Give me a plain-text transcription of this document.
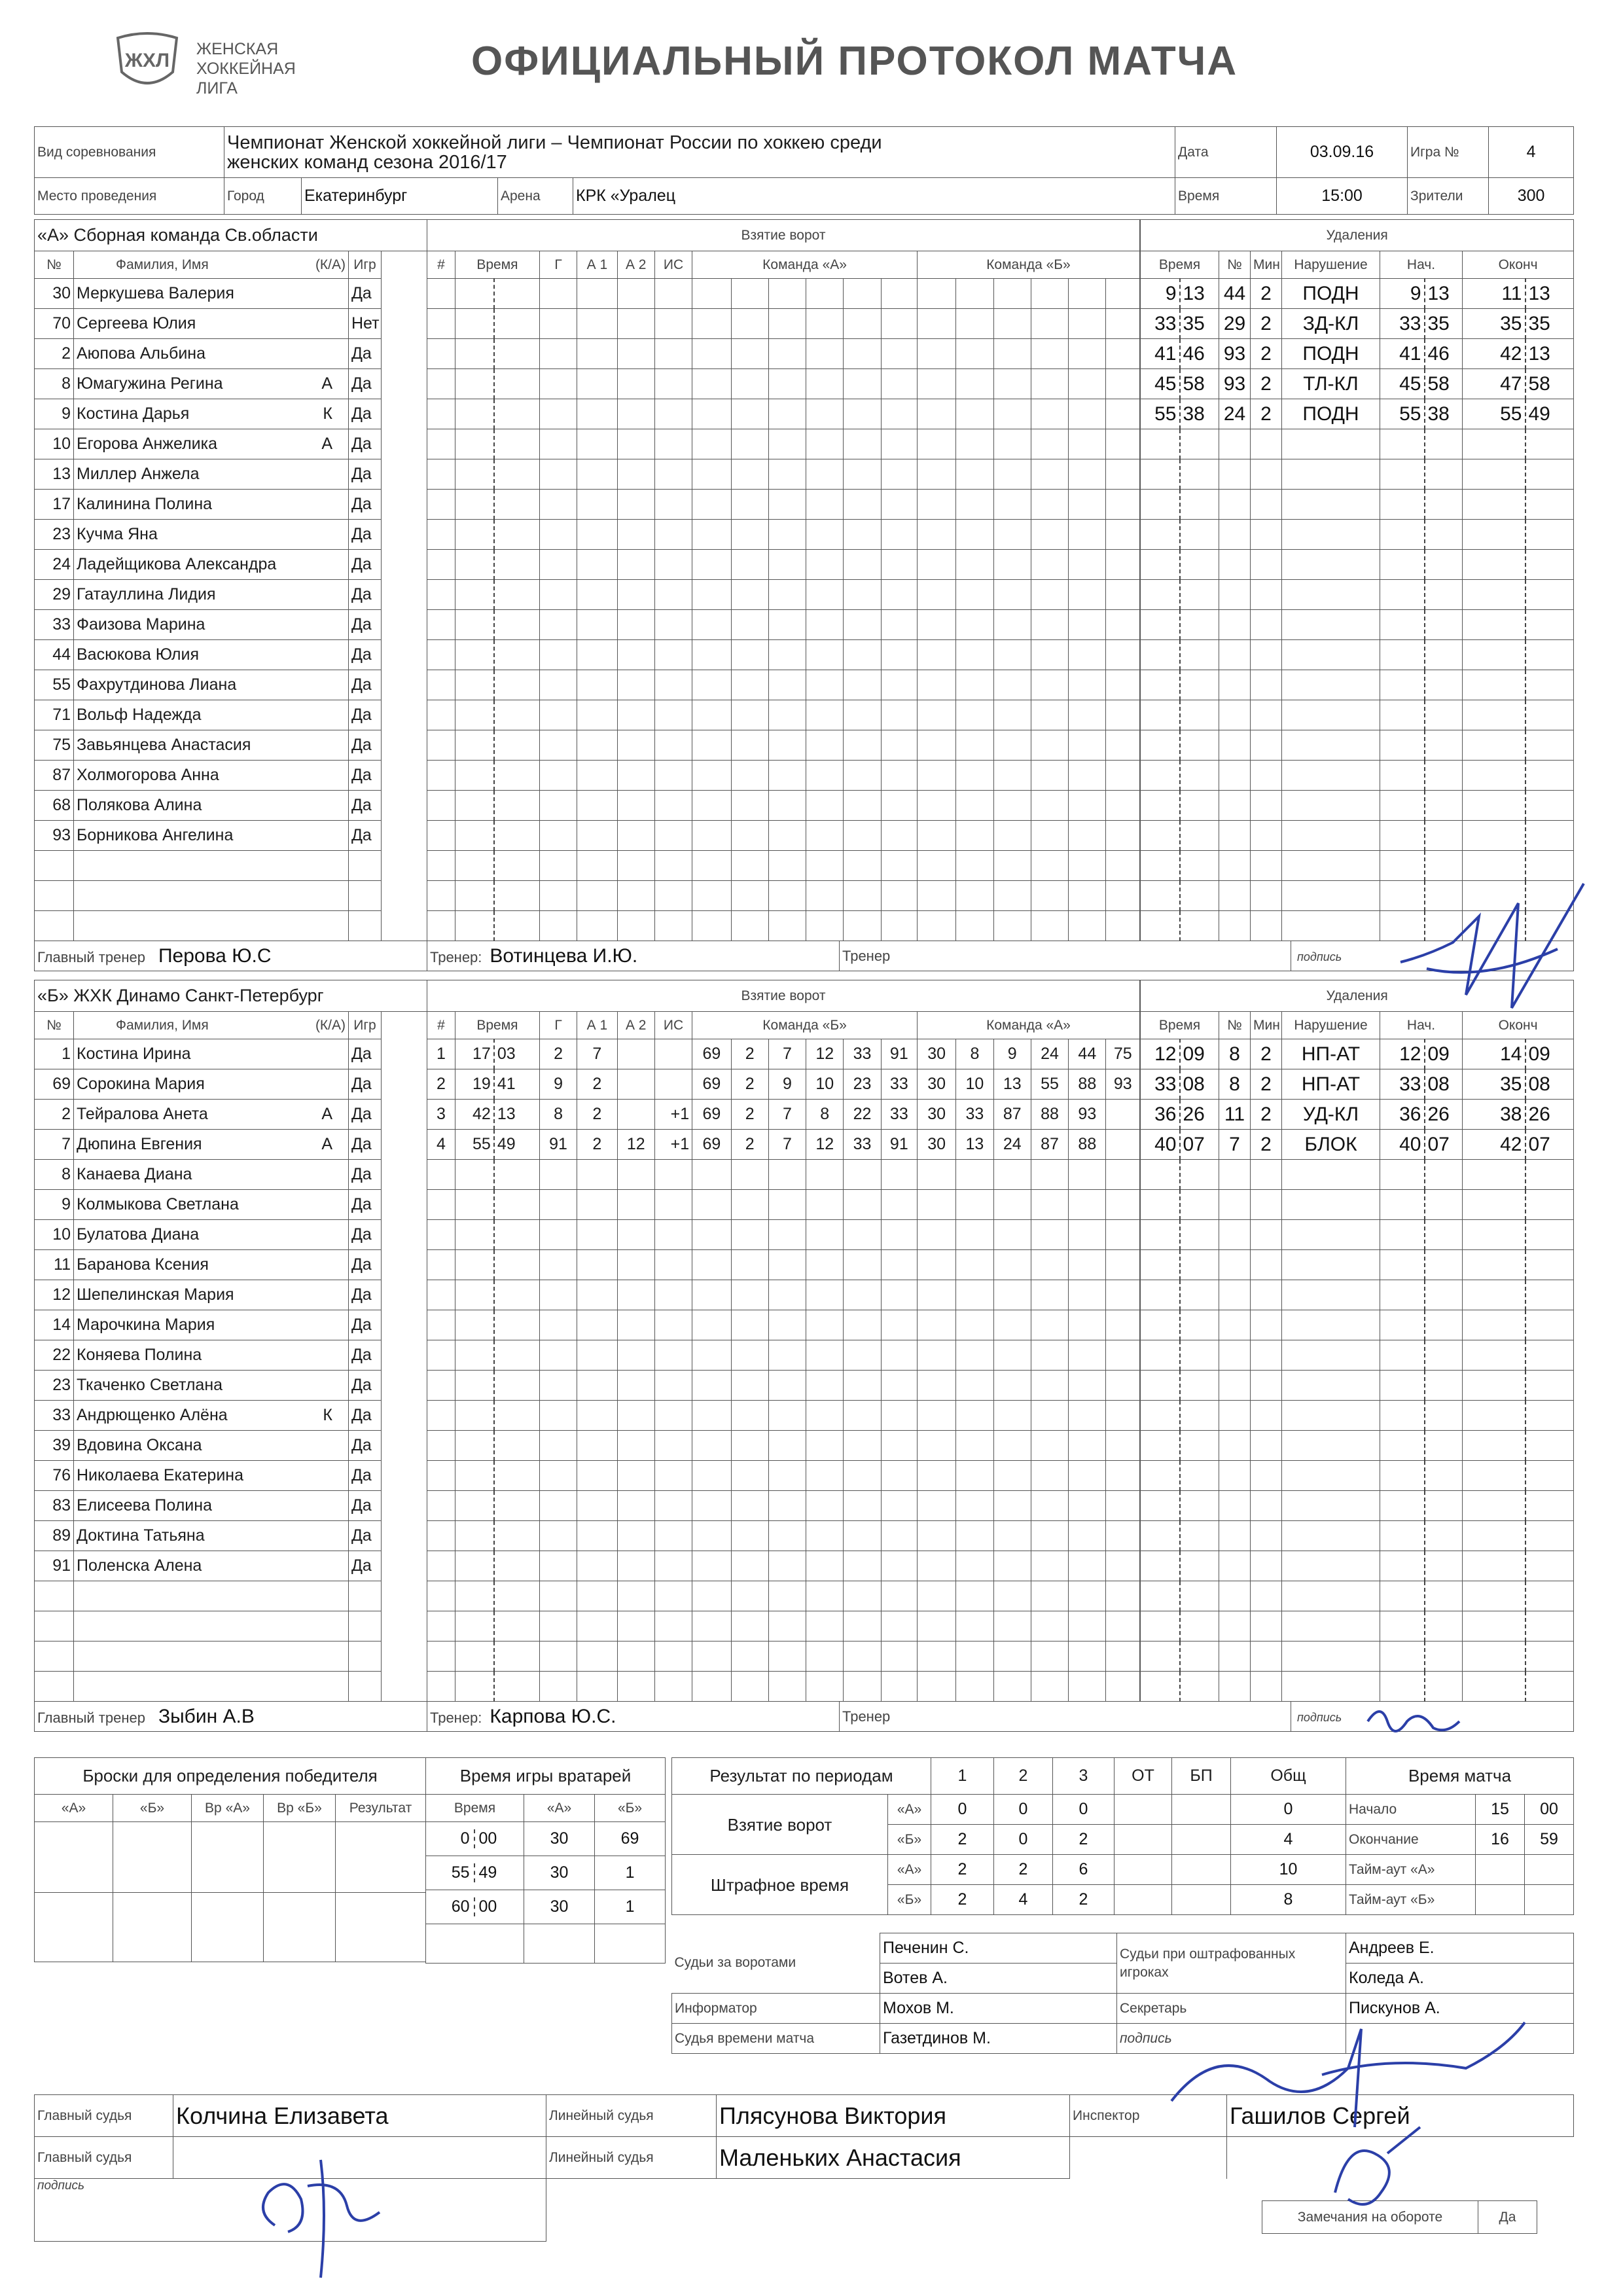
ЖХЛ
ЖЕНСКАЯ
ХОККЕЙНАЯ
ЛИГА
ОФИЦИАЛЬНЫЙ ПРОТОКОЛ МАТЧА
Вид соревнования	Чемпионат Женской хоккейной лиги – Чемпионат России по хоккею среди
женских команд сезона 2016/17				Дата	03.09.16	Игра №	4
Место проведения	Город	Екатеринбург	Арена	КРК «Уралец	Время	15:00	Зрители	300
«А» Сборная команда Св.области		
№	Фамилия, Имя (К/А)		Игр
30	Меркушева Валерия		Да
70	Сергеева Юлия		Нет
2	Аюпова Альбина		Да
8	Юмагужина Регина А		Да
9	Костина Дарья К		Да
10	Егорова Анжелика А		Да
13	Миллер Анжела		Да
17	Калинина Полина		Да
23	Кучма Яна		Да
24	Ладейщикова Александра		Да
29	Гатауллина Лидия		Да
33	Фаизова Марина		Да
44	Васюкова Юлия		Да
55	Фахрутдинова Лиана		Да
71	Вольф Надежда		Да
75	Завьянцева Анастасия		Да
87	Холмогорова Анна		Да
68	Полякова Алина		Да
93	Борникова Ангелина		Да

Главный тренер Перова Ю.С	Тренер: Вотинцева И.Ю.	Тренер	подпись
Взятие ворот																		
#	Время		Г	А 1	А 2	ИС	Команда «А»						Команда «Б»					

Удаления								
Время		№	Мин	Нарушение	Нач.		Оконч	
9	13	44	2	ПОДН	9	13	11	13
33	35	29	2	ЗД-КЛ	33	35	35	35
41	46	93	2	ПОДН	41	46	42	13
45	58	93	2	ТЛ-КЛ	45	58	47	58
55	38	24	2	ПОДН	55	38	55	49

«Б» ЖХК Динамо Санкт-Петербург		
№	Фамилия, Имя (К/А)		Игр
1	Костина Ирина		Да
69	Сорокина Мария		Да
2	Тейралова Анета А		Да
7	Дюпина Евгения А		Да
8	Канаева Диана		Да
9	Колмыкова Светлана		Да
10	Булатова Диана		Да
11	Баранова Ксения		Да
12	Шепелинская Мария		Да
14	Марочкина Мария		Да
22	Коняева Полина		Да
23	Ткаченко Светлана		Да
33	Андрющенко Алёна К		Да
39	Вдовина Оксана		Да
76	Николаева Екатерина		Да
83	Елисеева Полина		Да
89	Доктина Татьяна		Да
91	Поленска Алена		Да

Главный тренер Зыбин А.В	Тренер: Карпова Ю.С.	Тренер	подпись
Взятие ворот																		
#	Время		Г	А 1	А 2	ИС	Команда «Б»						Команда «А»					
1	17	03	2	7			69	2	7	12	33	91	30	8	9	24	44	75
2	19	41	9	2			69	2	9	10	23	33	30	10	13	55	88	93
3	42	13	8	2		+1	69	2	7	8	22	33	30	33	87	88	93	
4	55	49	91	2	12	+1	69	2	7	12	33	91	30	13	24	87	88	

Удаления								
Время		№	Мин	Нарушение	Нач.		Оконч	
12	09	8	2	НП-АТ	12	09	14	09
33	08	8	2	НП-АТ	33	08	35	08
36	26	11	2	УД-КЛ	36	26	38	26
40	07	7	2	БЛОК	40	07	42	07

Броски для определения победителя				
«А»	«Б»	Вр «А»	Вр «Б»	Результат

Время игры вратарей		
Время	«А»	«Б»
0 00	30	69
55 49	30	1
60 00	30	1

Результат по периодам		1	2	3	ОТ	БП	Общ
Взятие ворот	«А»	0	0	0			0
	«Б»	2	0	2			4
Штрафное время	«А»	2	2	6			10
	«Б»	2	4	2			8
Время матча		
Начало	15	00
Окончание	16	59
Тайм-аут «А»		
Тайм-аут «Б»		
Судьи за воротами	Печенин С.	Судьи при оштрафованных игроках	Андреев Е.
	Вотев А.		Коледа А.
Информатор	Мохов М.	Секретарь	Пискунов А.
Судья времени матча	Газетдинов М.	подпись	
Главный судья	Колчина Елизавета	Линейный судья	Плясунова Виктория	Инспектор	Гашилов Сергей
Главный судья		Линейный судья	Маленьких Анастасия		
подпись					
Замечания на обороте	Да
